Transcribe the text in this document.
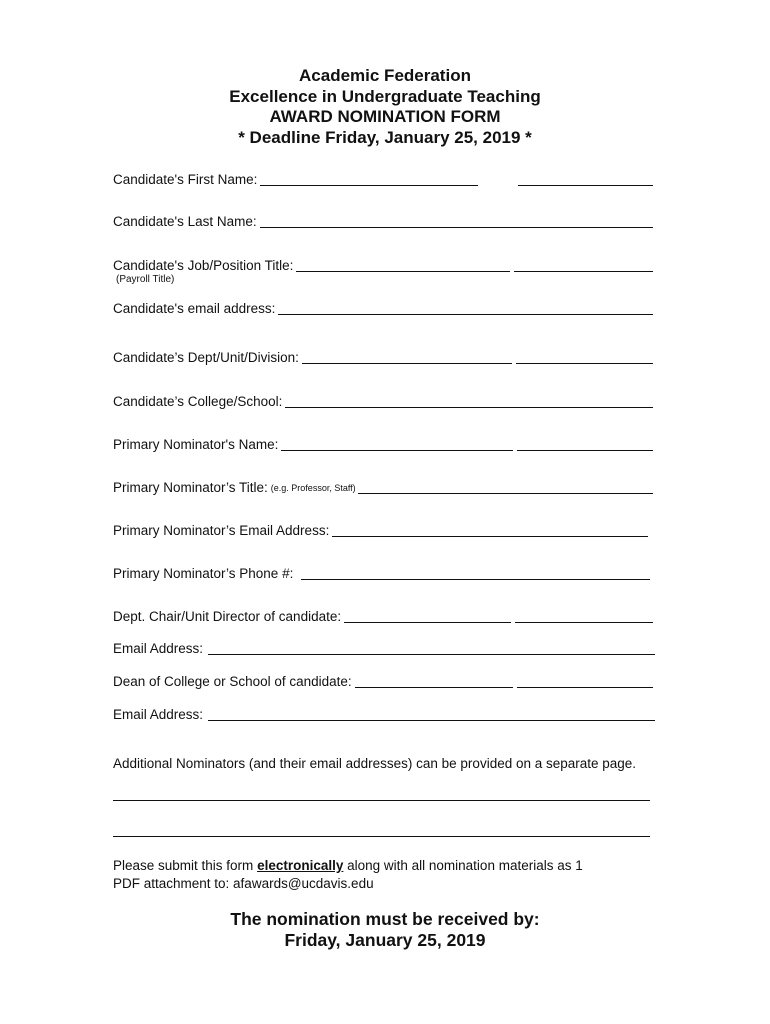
Academic Federation
Excellence in Undergraduate Teaching
AWARD NOMINATION FORM
* Deadline Friday, January 25, 2019 *
Candidate's First Name:
Candidate's Last Name:
Candidate's Job/Position Title:
(Payroll Title)
Candidate's email address:
Candidate’s Dept/Unit/Division:
Candidate’s College/School:
Primary Nominator's Name:
Primary Nominator’s Title: (e.g. Professor, Staff)
Primary Nominator’s Email Address:
Primary Nominator’s Phone #:
Dept. Chair/Unit Director of candidate:
Email Address:
Dean of College or School of candidate:
Email Address:
Additional Nominators (and their email addresses) can be provided on a separate page.
Please submit this form electronically along with all nomination materials as 1
PDF attachment to: afawards@ucdavis.edu
The nomination must be received by:
Friday, January 25, 2019
